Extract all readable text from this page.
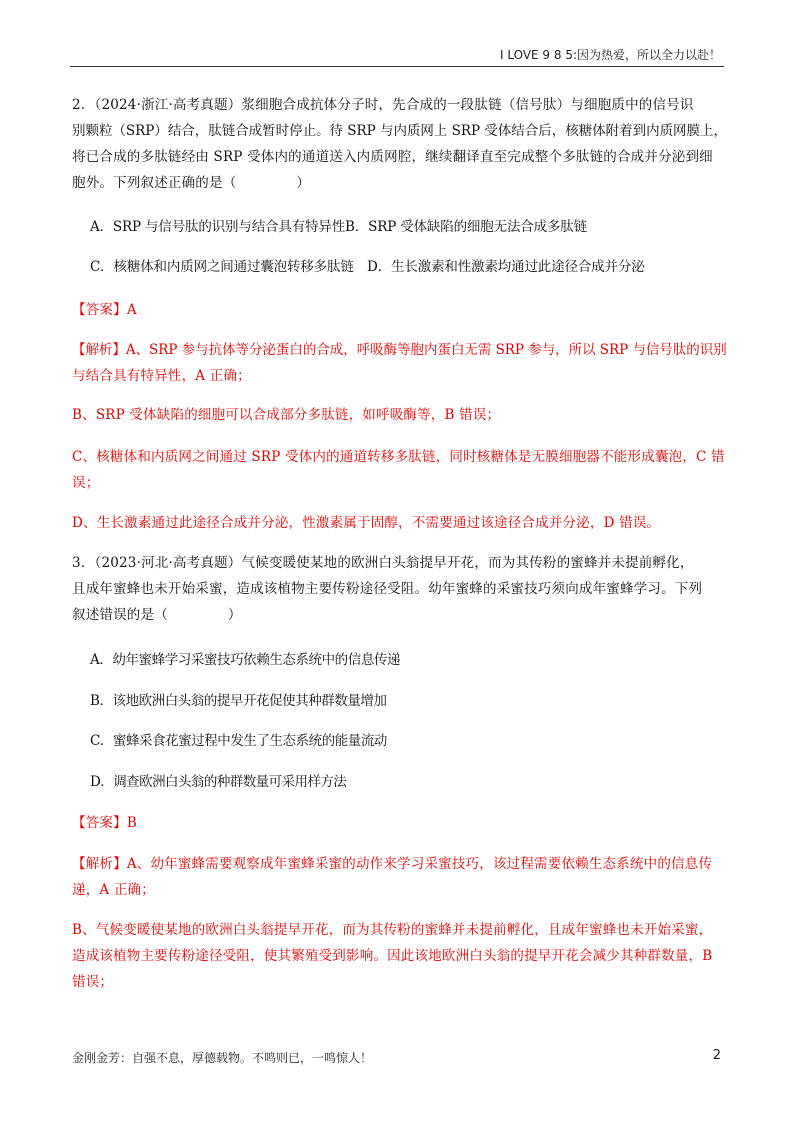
I LOVE 9 8 5:因为热爱，所以全力以赴！
2．（2024·浙江·高考真题）浆细胞合成抗体分子时，先合成的一段肽链（信号肽）与细胞质中的信号识
别颗粒（SRP）结合，肽链合成暂时停止。待 SRP 与内质网上 SRP 受体结合后，核糖体附着到内质网膜上，
将已合成的多肽链经由 SRP 受体内的通道送入内质网腔，继续翻译直至完成整个多肽链的合成并分泌到细
胞外。下列叙述正确的是（	）
A．SRP 与信号肽的识别与结合具有特异性B．SRP 受体缺陷的细胞无法合成多肽链
C．核糖体和内质网之间通过囊泡转移多肽链　D．生长激素和性激素均通过此途径合成并分泌
【答案】A
【解析】A、SRP 参与抗体等分泌蛋白的合成，呼吸酶等胞内蛋白无需 SRP 参与，所以 SRP 与信号肽的识别
与结合具有特异性，A 正确；
B、SRP 受体缺陷的细胞可以合成部分多肽链，如呼吸酶等，B 错误；
C、核糖体和内质网之间通过 SRP 受体内的通道转移多肽链，同时核糖体是无膜细胞器不能形成囊泡，C 错
误；
D、生长激素通过此途径合成并分泌，性激素属于固醇，不需要通过该途径合成并分泌，D 错误。
3．（2023·河北·高考真题）气候变暖使某地的欧洲白头翁提早开花，而为其传粉的蜜蜂并未提前孵化，
且成年蜜蜂也未开始采蜜，造成该植物主要传粉途径受阻。幼年蜜蜂的采蜜技巧须向成年蜜蜂学习。下列
叙述错误的是（	）
A．幼年蜜蜂学习采蜜技巧依赖生态系统中的信息传递
B．该地欧洲白头翁的提早开花促使其种群数量增加
C．蜜蜂采食花蜜过程中发生了生态系统的能量流动
D．调查欧洲白头翁的种群数量可采用样方法
【答案】B
【解析】A、幼年蜜蜂需要观察成年蜜蜂采蜜的动作来学习采蜜技巧，该过程需要依赖生态系统中的信息传
递，A 正确；
B、气候变暖使某地的欧洲白头翁提早开花，而为其传粉的蜜蜂并未提前孵化，且成年蜜蜂也未开始采蜜，
造成该植物主要传粉途径受阻，使其繁殖受到影响。因此该地欧洲白头翁的提早开花会减少其种群数量，B
错误；
金刚金芳：自强不息，厚德载物。不鸣则已，一鸣惊人！	2
